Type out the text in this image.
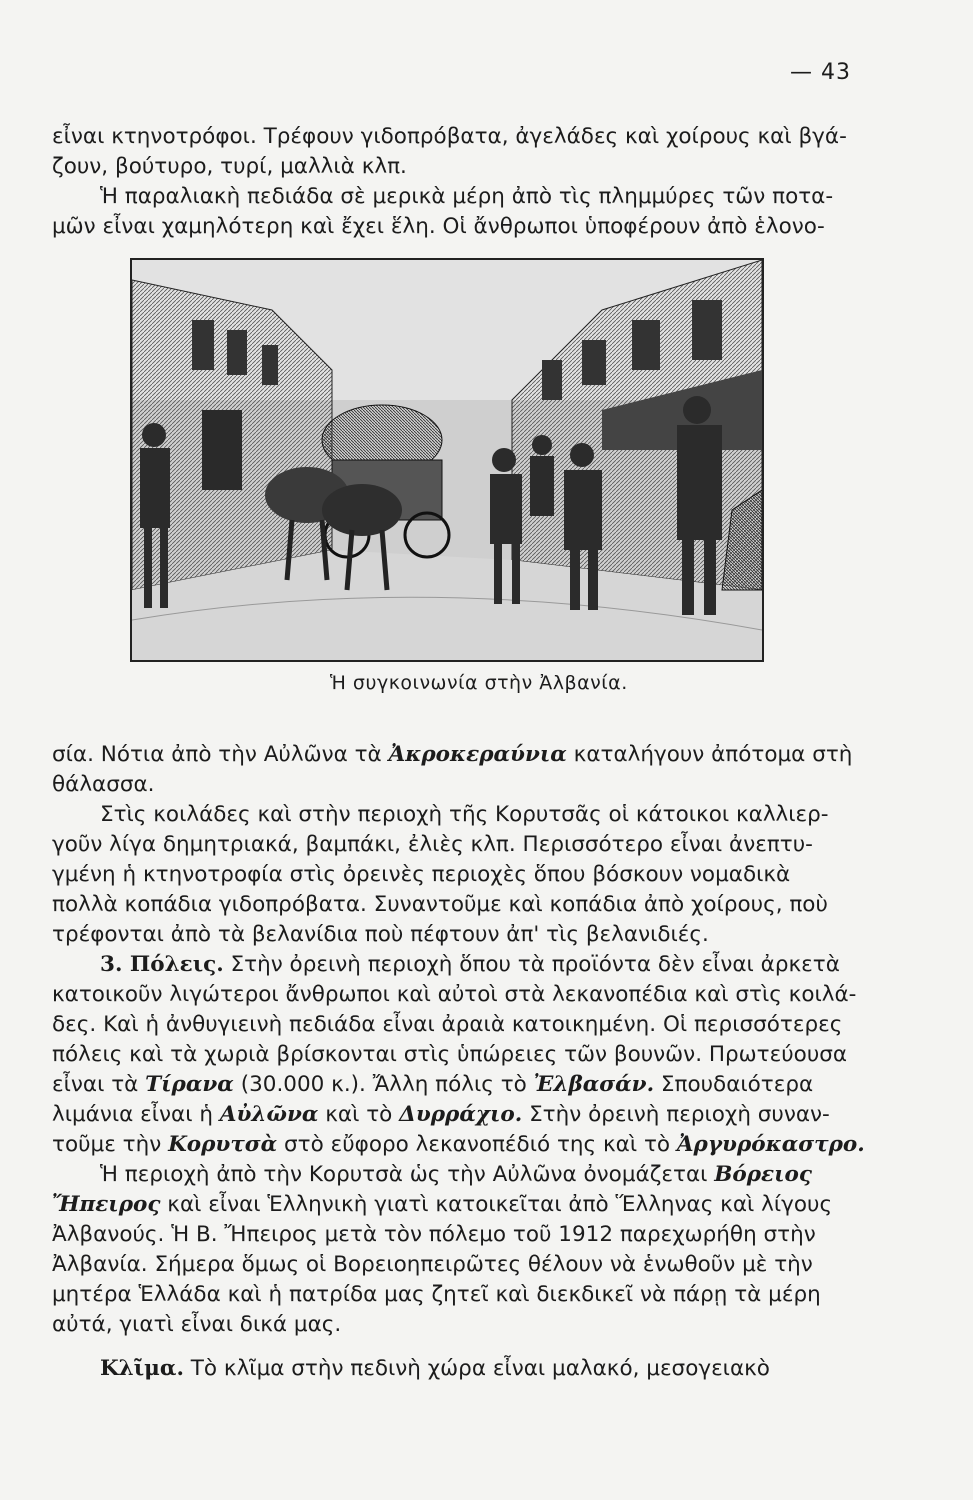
— 43
εἶναι κτηνοτρόφοι. Τρέφουν γιδοπρόβατα, ἀγελάδες καὶ χοίρους καὶ βγά-
ζουν, βούτυρο, τυρί, μαλλιὰ κλπ.
Ἡ παραλιακὴ πεδιάδα σὲ μερικὰ μέρη ἀπὸ τὶς πλημμύρες τῶν ποτα-
μῶν εἶναι χαμηλότερη καὶ ἔχει ἕλη. Οἱ ἄνθρωποι ὑποφέρουν ἀπὸ ἑλονο-
Ἡ συγκοινωνία στὴν Ἀλβανία.
σία. Νότια ἀπὸ τὴν Αὐλῶνα τὰ Ἀκροκεραύνια καταλήγουν ἀπότομα στὴ
θάλασσα.
Στὶς κοιλάδες καὶ στὴν περιοχὴ τῆς Κορυτσᾶς οἱ κάτοικοι καλλιερ-
γοῦν λίγα δημητριακά, βαμπάκι, ἐλιὲς κλπ. Περισσότερο εἶναι ἀνεπτυ-
γμένη ἡ κτηνοτροφία στὶς ὀρεινὲς περιοχὲς ὅπου βόσκουν νομαδικὰ
πολλὰ κοπάδια γιδοπρόβατα. Συναντοῦμε καὶ κοπάδια ἀπὸ χοίρους, ποὺ
τρέφονται ἀπὸ τὰ βελανίδια ποὺ πέφτουν ἀπ' τὶς βελανιδιές.
3. Πόλεις. Στὴν ὀρεινὴ περιοχὴ ὅπου τὰ προϊόντα δὲν εἶναι ἀρκετὰ
κατοικοῦν λιγώτεροι ἄνθρωποι καὶ αὐτοὶ στὰ λεκανοπέδια καὶ στὶς κοιλά-
δες. Καὶ ἡ ἀνθυγιεινὴ πεδιάδα εἶναι ἀραιὰ κατοικημένη. Οἱ περισσότερες
πόλεις καὶ τὰ χωριὰ βρίσκονται στὶς ὑπώρειες τῶν βουνῶν. Πρωτεύουσα
εἶναι τὰ Τίρανα (30.000 κ.). Ἄλλη πόλις τὸ Ἐλβασάν. Σπουδαιότερα
λιμάνια εἶναι ἡ Αὐλῶνα καὶ τὸ Δυρράχιο. Στὴν ὀρεινὴ περιοχὴ συναν-
τοῦμε τὴν Κορυτσὰ στὸ εὔφορο λεκανοπέδιό της καὶ τὸ Ἀργυρόκαστρο.
Ἡ περιοχὴ ἀπὸ τὴν Κορυτσὰ ὡς τὴν Αὐλῶνα ὀνομάζεται Βόρειος
Ἤπειρος καὶ εἶναι Ἑλληνικὴ γιατὶ κατοικεῖται ἀπὸ Ἕλληνας καὶ λίγους
Ἀλβανούς. Ἡ Β. Ἤπειρος μετὰ τὸν πόλεμο τοῦ 1912 παρεχωρήθη στὴν
Ἀλβανία. Σήμερα ὅμως οἱ Βορειοηπειρῶτες θέλουν νὰ ἑνωθοῦν μὲ τὴν
μητέρα Ἑλλάδα καὶ ἡ πατρίδα μας ζητεῖ καὶ διεκδικεῖ νὰ πάρῃ τὰ μέρη
αὐτά, γιατὶ εἶναι δικά μας.
Κλῖμα. Τὸ κλῖμα στὴν πεδινὴ χώρα εἶναι μαλακό, μεσογειακὸ
